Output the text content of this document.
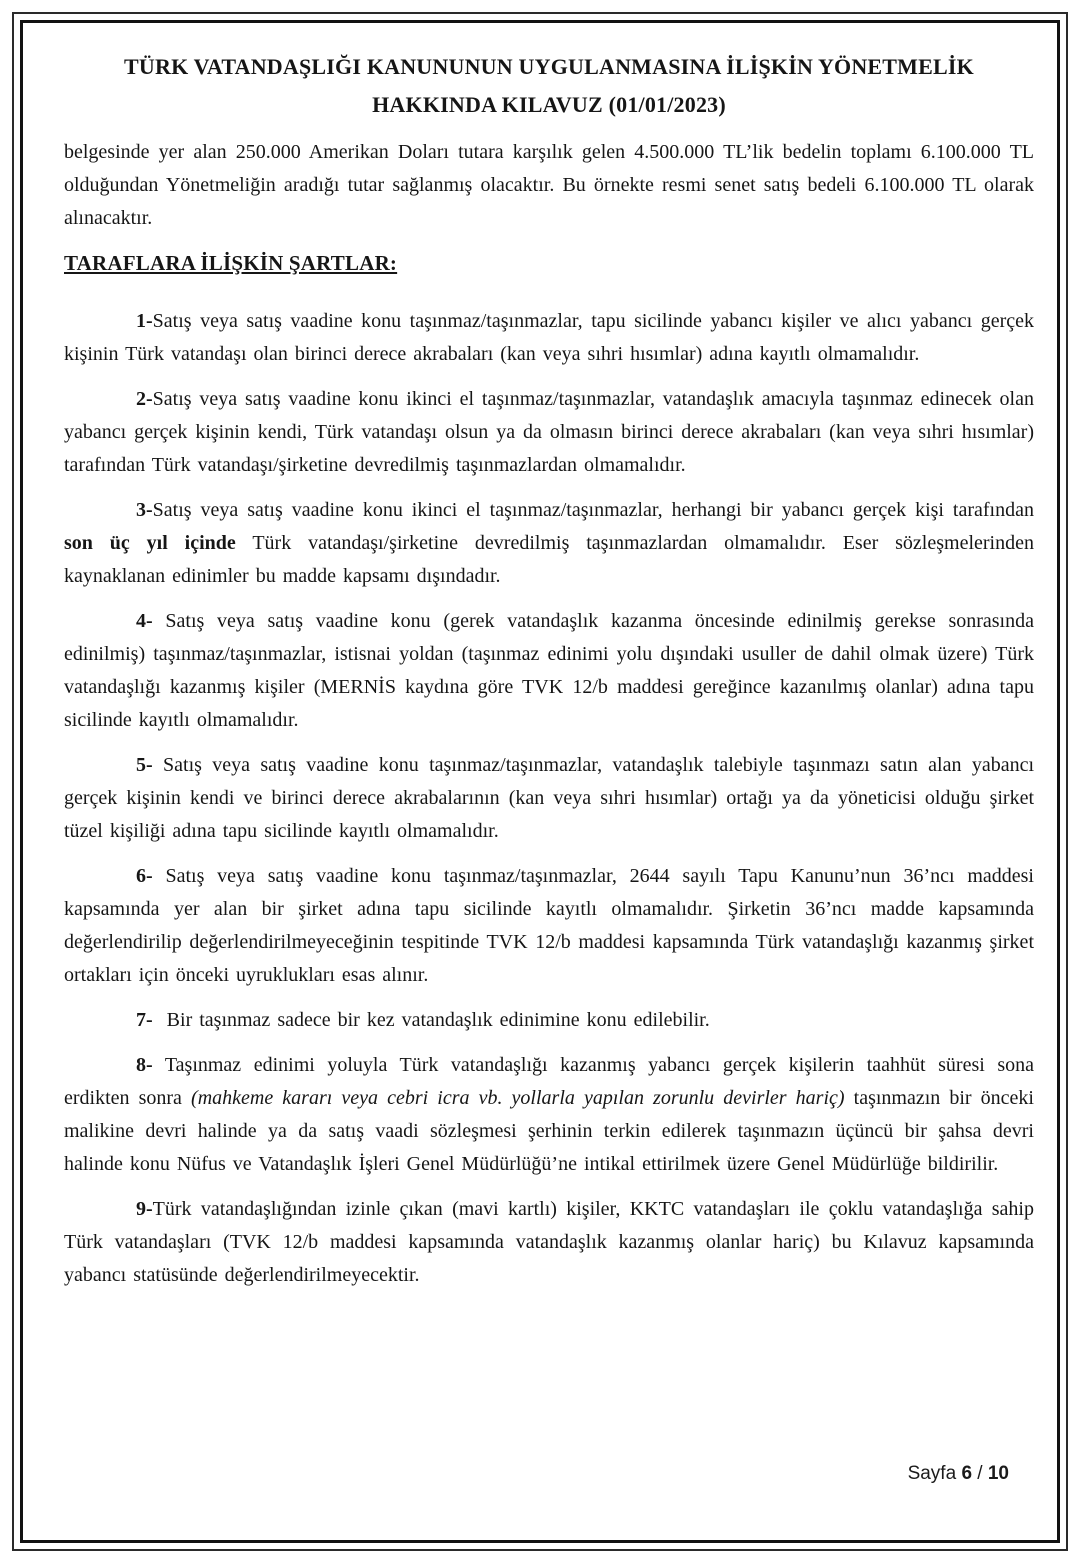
TÜRK VATANDAŞLIĞI KANUNUNUN UYGULANMASINA İLİŞKİN YÖNETMELİK
HAKKINDA KILAVUZ (01/01/2023)

belgesinde yer alan 250.000 Amerikan Doları tutara karşılık gelen 4.500.000 TL’lik bedelin toplamı 6.100.000 TL olduğundan Yönetmeliğin aradığı tutar sağlanmış olacaktır. Bu örnekte resmi senet satış bedeli 6.100.000 TL olarak alınacaktır.

TARAFLARA İLİŞKİN ŞARTLAR:

1-Satış veya satış vaadine konu taşınmaz/taşınmazlar, tapu sicilinde yabancı kişiler ve alıcı yabancı gerçek kişinin Türk vatandaşı olan birinci derece akrabaları (kan veya sıhri hısımlar) adına kayıtlı olmamalıdır.

2-Satış veya satış vaadine konu ikinci el taşınmaz/taşınmazlar, vatandaşlık amacıyla taşınmaz edinecek olan yabancı gerçek kişinin kendi, Türk vatandaşı olsun ya da olmasın birinci derece akrabaları (kan veya sıhri hısımlar) tarafından Türk vatandaşı/şirketine devredilmiş taşınmazlardan olmamalıdır.

3-Satış veya satış vaadine konu ikinci el taşınmaz/taşınmazlar, herhangi bir yabancı gerçek kişi tarafından son üç yıl içinde Türk vatandaşı/şirketine devredilmiş taşınmazlardan olmamalıdır. Eser sözleşmelerinden kaynaklanan edinimler bu madde kapsamı dışındadır.

4- Satış veya satış vaadine konu (gerek vatandaşlık kazanma öncesinde edinilmiş gerekse sonrasında edinilmiş) taşınmaz/taşınmazlar, istisnai yoldan (taşınmaz edinimi yolu dışındaki usuller de dahil olmak üzere) Türk vatandaşlığı kazanmış kişiler (MERNİS kaydına göre TVK 12/b maddesi gereğince kazanılmış olanlar) adına tapu sicilinde kayıtlı olmamalıdır.

5- Satış veya satış vaadine konu taşınmaz/taşınmazlar, vatandaşlık talebiyle taşınmazı satın alan yabancı gerçek kişinin kendi ve birinci derece akrabalarının (kan veya sıhri hısımlar) ortağı ya da yöneticisi olduğu şirket tüzel kişiliği adına tapu sicilinde kayıtlı olmamalıdır.

6- Satış veya satış vaadine konu taşınmaz/taşınmazlar, 2644 sayılı Tapu Kanunu’nun 36’ncı maddesi kapsamında yer alan bir şirket adına tapu sicilinde kayıtlı olmamalıdır. Şirketin 36’ncı madde kapsamında değerlendirilip değerlendirilmeyeceğinin tespitinde TVK 12/b maddesi kapsamında Türk vatandaşlığı kazanmış şirket ortakları için önceki uyruklukları esas alınır.

7-  Bir taşınmaz sadece bir kez vatandaşlık edinimine konu edilebilir.

8- Taşınmaz edinimi yoluyla Türk vatandaşlığı kazanmış yabancı gerçek kişilerin taahhüt süresi sona erdikten sonra (mahkeme kararı veya cebri icra vb. yollarla yapılan zorunlu devirler hariç) taşınmazın bir önceki malikine devri halinde ya da satış vaadi sözleşmesi şerhinin terkin edilerek taşınmazın üçüncü bir şahsa devri halinde konu Nüfus ve Vatandaşlık İşleri Genel Müdürlüğü’ne intikal ettirilmek üzere Genel Müdürlüğe bildirilir.

9-Türk vatandaşlığından izinle çıkan (mavi kartlı) kişiler, KKTC vatandaşları ile çoklu vatandaşlığa sahip Türk vatandaşları (TVK 12/b maddesi kapsamında vatandaşlık kazanmış olanlar hariç) bu Kılavuz kapsamında yabancı statüsünde değerlendirilmeyecektir.

Sayfa 6 / 10
